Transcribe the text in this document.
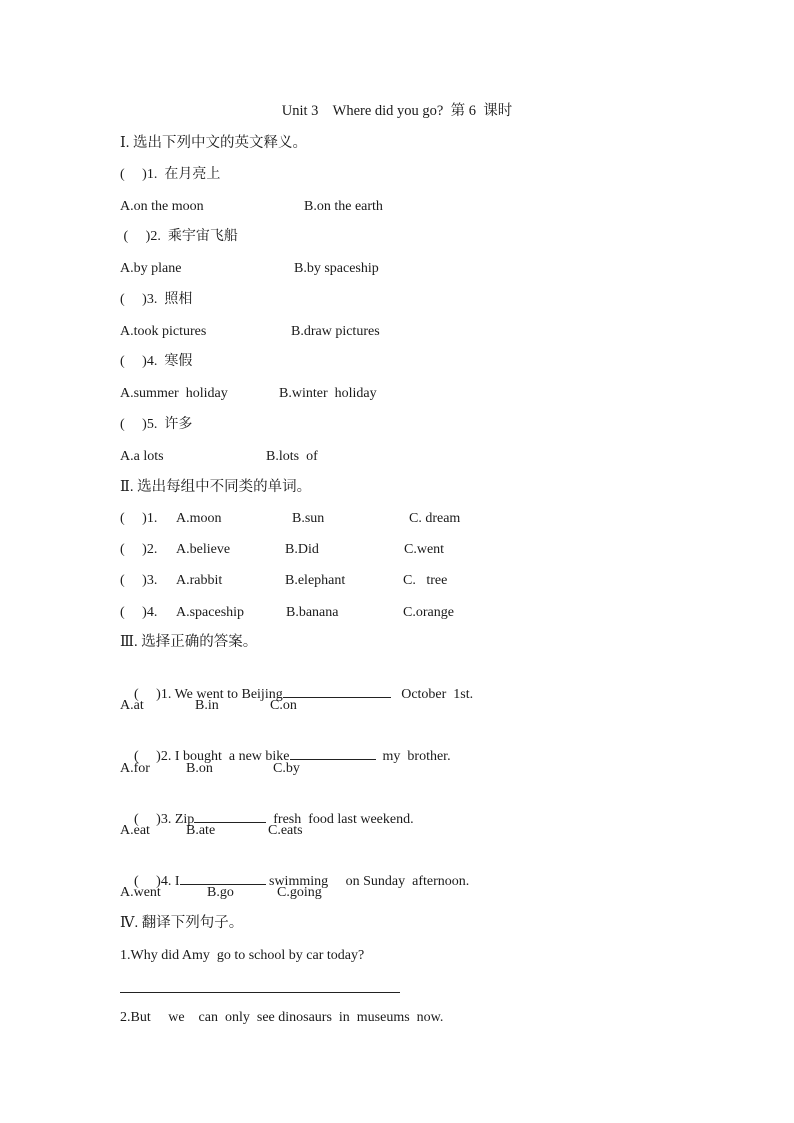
Unit 3    Where did you go?  第 6  课时
Ⅰ. 选出下列中文的英文释义。
(     )1.  在月亮上
A.on the moon	B.on the earth
(     )2.  乘宇宙飞船
A.by plane	B.by spaceship
(     )3.  照相
A.took pictures	B.draw pictures
(     )4.  寒假
A.summer  holiday	B.winter  holiday
(     )5.  许多
A.a lots	B.lots  of
Ⅱ. 选出每组中不同类的单词。
(     )1. A.moon	B.sun	C. dream
(     )2. A.believe	B.Did	C.went
(     )3. A.rabbit	B.elephant	C.   tree
(     )4. A.spaceship	B.banana	C.orange
Ⅲ. 选择正确的答案。

(     )1. We went to Beijing	October  1st.

A.at	B.in	C.on

(     )2. I bought  a new bike	my  brother.

A.for	B.on	C.by

(     )3. Zip	fresh  food last weekend.

A.eat	B.ate	C.eats

(     )4. I	swimming     on Sunday  afternoon.

A.went	B.go	C.going
Ⅳ. 翻译下列句子。
1.Why did Amy  go to school by car today?
2.But     we    can  only  see dinosaurs  in  museums  now.
